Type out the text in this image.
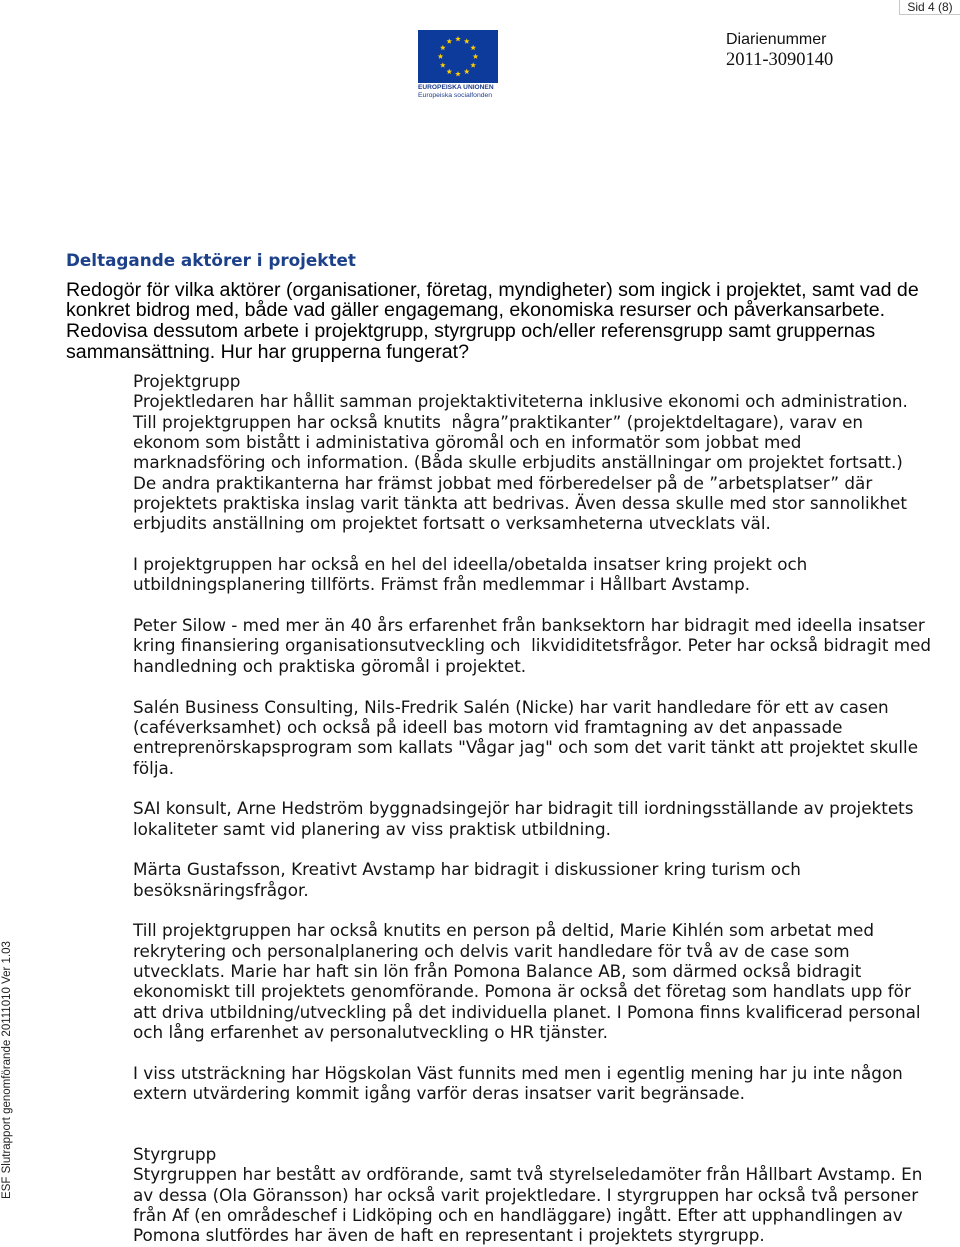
Sid 4 (8)
EUROPEISKA UNIONEN
Europeiska socialfonden
Diarienummer
2011-3090140
ESF Slutrapport genomförande 20111010 Ver 1.03
Deltagande aktörer i projektet
Redogör för vilka aktörer (organisationer, företag, myndigheter) som ingick i projektet, samt vad de
konkret bidrog med, både vad gäller engagemang, ekonomiska resurser och påverkansarbete.
Redovisa dessutom arbete i projektgrupp, styrgrupp och/eller referensgrupp samt gruppernas
sammansättning. Hur har grupperna fungerat?
Projektgrupp
Projektledaren har hållit samman projektaktiviteterna inklusive ekonomi och administration.
Till projektgruppen har också knutits  några”praktikanter” (projektdeltagare), varav en
ekonom som bistått i administativa göromål och en informatör som jobbat med
marknadsföring och information. (Båda skulle erbjudits anställningar om projektet fortsatt.)
De andra praktikanterna har främst jobbat med förberedelser på de ”arbetsplatser” där
projektets praktiska inslag varit tänkta att bedrivas. Även dessa skulle med stor sannolikhet
erbjudits anställning om projektet fortsatt o verksamheterna utvecklats väl.
I projektgruppen har också en hel del ideella/obetalda insatser kring projekt och
utbildningsplanering tillförts. Främst från medlemmar i Hållbart Avstamp.
Peter Silow - med mer än 40 års erfarenhet från banksektorn har bidragit med ideella insatser
kring finansiering organisationsutveckling och  likvididitetsfrågor. Peter har också bidragit med
handledning och praktiska göromål i projektet.
Salén Business Consulting, Nils-Fredrik Salén (Nicke) har varit handledare för ett av casen
(caféverksamhet) och också på ideell bas motorn vid framtagning av det anpassade
entreprenörskapsprogram som kallats "Vågar jag" och som det varit tänkt att projektet skulle
följa.
SAI konsult, Arne Hedström byggnadsingejör har bidragit till iordningsställande av projektets
lokaliteter samt vid planering av viss praktisk utbildning.
Märta Gustafsson, Kreativt Avstamp har bidragit i diskussioner kring turism och
besöksnäringsfrågor.
Till projektgruppen har också knutits en person på deltid, Marie Kihlén som arbetat med
rekrytering och personalplanering och delvis varit handledare för två av de case som
utvecklats. Marie har haft sin lön från Pomona Balance AB, som därmed också bidragit
ekonomiskt till projektets genomförande. Pomona är också det företag som handlats upp för
att driva utbildning/utveckling på det individuella planet. I Pomona finns kvalificerad personal
och lång erfarenhet av personalutveckling o HR tjänster.
I viss utsträckning har Högskolan Väst funnits med men i egentlig mening har ju inte någon
extern utvärdering kommit igång varför deras insatser varit begränsade.
Styrgrupp
Styrgruppen har bestått av ordförande, samt två styrelseledamöter från Hållbart Avstamp. En
av dessa (Ola Göransson) har också varit projektledare. I styrgruppen har också två personer
från Af (en områdeschef i Lidköping och en handläggare) ingått. Efter att upphandlingen av
Pomona slutfördes har även de haft en representant i projektets styrgrupp.
